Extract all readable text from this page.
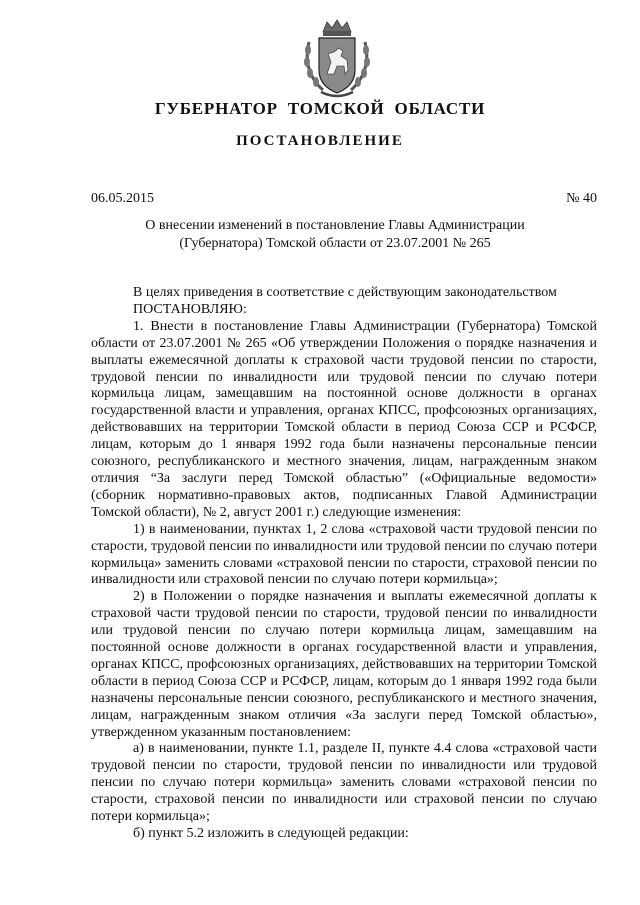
ГУБЕРНАТОР ТОМСКОЙ ОБЛАСТИ
ПОСТАНОВЛЕНИЕ
06.05.2015	№ 40
О внесении изменений в постановление Главы Администрации (Губернатора) Томской области от 23.07.2001 № 265

В целях приведения в соответствие с действующим законодательством

ПОСТАНОВЛЯЮ:

1. Внести в постановление Главы Администрации (Губернатора) Томской области от 23.07.2001 № 265 «Об утверждении Положения о порядке назначения и выплаты ежемесячной доплаты к страховой части трудовой пенсии по старости, трудовой пенсии по инвалидности или трудовой пенсии по случаю потери кормильца лицам, замещавшим на постоянной основе должности в органах государственной власти и управления, органах КПСС, профсоюзных организациях, действовавших на территории Томской области в период Союза ССР и РСФСР, лицам, которым до 1 января 1992 года были назначены персональные пенсии союзного, республиканского и местного значения, лицам, награжденным знаком отличия “За заслуги перед Томской областью” («Официальные ведомости» (сборник нормативно-правовых актов, подписанных Главой Администрации Томской области), № 2, август 2001 г.) следующие изменения:

1) в наименовании, пунктах 1, 2 слова «страховой части трудовой пенсии по старости, трудовой пенсии по инвалидности или трудовой пенсии по случаю потери кормильца» заменить словами «страховой пенсии по старости, страховой пенсии по инвалидности или страховой пенсии по случаю потери кормильца»;

2) в Положении о порядке назначения и выплаты ежемесячной доплаты к страховой части трудовой пенсии по старости, трудовой пенсии по инвалидности или трудовой пенсии по случаю потери кормильца лицам, замещавшим на постоянной основе должности в органах государственной власти и управления, органах КПСС, профсоюзных организациях, действовавших на территории Томской области в период Союза ССР и РСФСР, лицам, которым до 1 января 1992 года были назначены персональные пенсии союзного, республиканского и местного значения, лицам, награжденным знаком отличия «За заслуги перед Томской областью», утвержденном указанным постановлением:

а) в наименовании, пункте 1.1, разделе II, пункте 4.4 слова «страховой части трудовой пенсии по старости, трудовой пенсии по инвалидности или трудовой пенсии по случаю потери кормильца» заменить словами «страховой пенсии по старости, страховой пенсии по инвалидности или страховой пенсии по случаю потери кормильца»;

б) пункт 5.2 изложить в следующей редакции:
